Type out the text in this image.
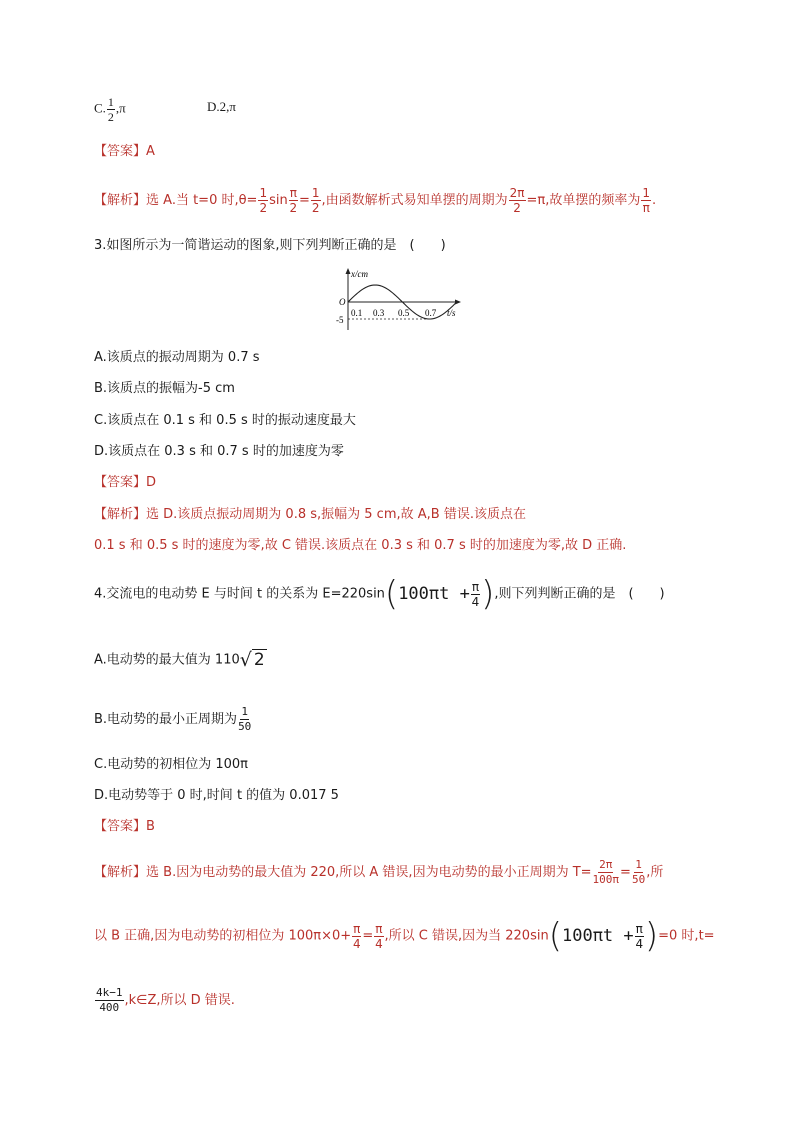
C. $\frac{1}{2} ,\pi$	D.2,π
【答案】A
【解析】选 A.当 t=0 时$,\theta= \frac{1}{2}$ $\sin \frac{\pi}{2} = \frac{1}{2}$ ,由函数解析式易知单摆的周期为 $\frac{2\pi}{2} =\pi$,故单摆的频率为 $\frac{1}{\pi}$ .
3.如图所示为一简谐运动的图象,则下列判断正确的是　(　　)
x/cm
O
-5
0.1 0.3 0.5 0.7 t/s
A.该质点的振动周期为 0.7 s
B.该质点的振幅为-5 cm
C.该质点在 0.1 s 和 0.5 s 时的振动速度最大
D.该质点在 0.3 s 和 0.7 s 时的加速度为零
【答案】D
【解析】选 D.该质点振动周期为 0.8 s,振幅为 5 cm,故 A,B 错误.该质点在
0.1 s 和 0.5 s 时的速度为零,故 C 错误.该质点在 0.3 s 和 0.7 s 时的加速度为零,故 D 正确.
4.交流电的电动势 E 与时间 t 的关系为 $E=220\sin(100\pi t + \frac{\pi}{4}$ ),则下列判断正确的是　(　　)
A.电动势的最大值为 110√ 2
B.电动势的最小正周期为 $\frac{1}{50}$
C.电动势的初相位为 100π
D.电动势等于 0 时,时间 t 的值为 0.017 5
【答案】B
【解析】选 B.因为电动势的最大值为 220,所以 A 错误,因为电动势的最小正周期为 $T= \frac{2\pi}{100\pi} = \frac{1}{50}$ ,所
以 B 正确,因为电动势的初相位为 $100\pi\times 0+ \frac{\pi}{4} = \frac{\pi}{4}$ ,所以 C 错误,因为当 $220\sin(100\pi t + \frac{\pi}{4} )=0$ 时,t=
$\frac{4k-1}{400}$ ,k∈Z,所以 D 错误.
